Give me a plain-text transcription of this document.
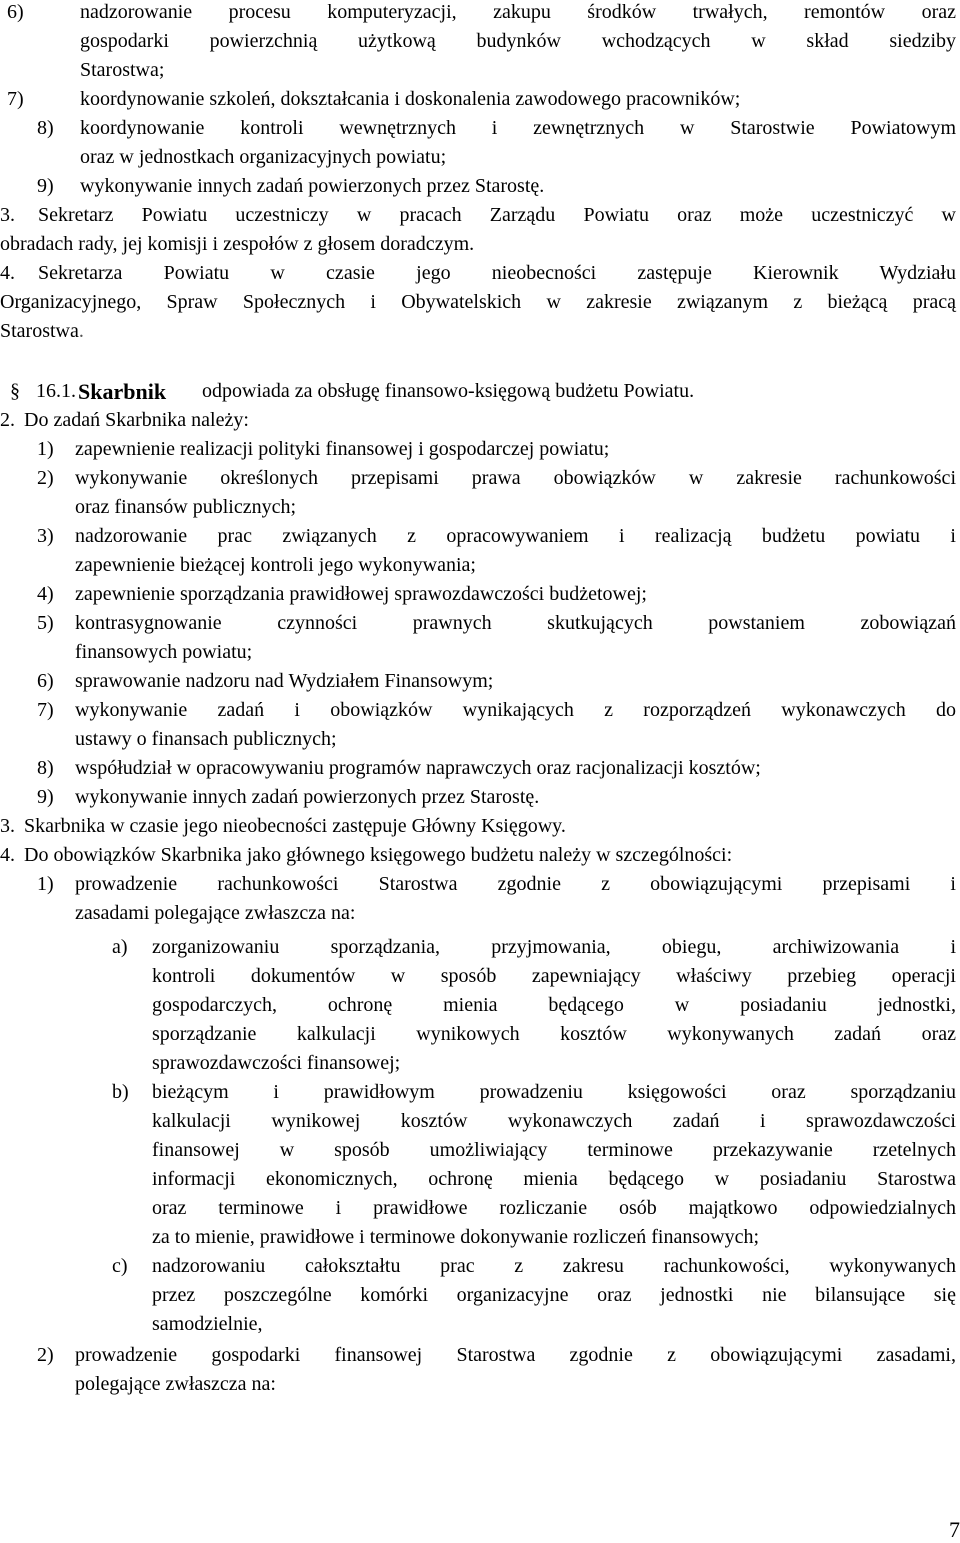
6)	nadzorowanie procesu komputeryzacji, zakupu środków trwałych, remontów oraz
gospodarki powierzchnią użytkową budynków wchodzących w skład siedziby
Starostwa;
7)	koordynowanie szkoleń, dokształcania i doskonalenia zawodowego pracowników;
8)	koordynowanie kontroli wewnętrznych i zewnętrznych w Starostwie Powiatowym
oraz w jednostkach organizacyjnych powiatu;
9)	wykonywanie innych zadań powierzonych przez Starostę.
3.	Sekretarz Powiatu uczestniczy w pracach Zarządu Powiatu oraz może uczestniczyć w
obradach rady, jej komisji i zespołów z głosem doradczym.
4.	Sekretarza Powiatu w czasie jego nieobecności zastępuje Kierownik Wydziału
Organizacyjnego, Spraw Społecznych i Obywatelskich w zakresie związanym z bieżącą pracą
Starostwa.
§ 16.1. Skarbnik odpowiada za obsługę finansowo-księgową budżetu Powiatu.
2. Do zadań Skarbnika należy:
1)	zapewnienie realizacji polityki finansowej i gospodarczej powiatu;
2)	wykonywanie określonych przepisami prawa obowiązków w zakresie rachunkowości
oraz finansów publicznych;
3)	nadzorowanie prac związanych z opracowywaniem i realizacją budżetu powiatu i
zapewnienie bieżącej kontroli jego wykonywania;
4)	zapewnienie sporządzania prawidłowej sprawozdawczości budżetowej;
5)	kontrasygnowanie czynności prawnych skutkujących powstaniem zobowiązań
finansowych powiatu;
6)	sprawowanie nadzoru nad Wydziałem Finansowym;
7)	wykonywanie zadań i obowiązków wynikających z rozporządzeń wykonawczych do
ustawy o finansach publicznych;
8)	współudział w opracowywaniu programów naprawczych oraz racjonalizacji kosztów;
9)	wykonywanie innych zadań powierzonych przez Starostę.
3. Skarbnika w czasie jego nieobecności zastępuje Główny Księgowy.
4. Do obowiązków Skarbnika jako głównego księgowego budżetu należy w szczególności:
1)	prowadzenie rachunkowości Starostwa zgodnie z obowiązującymi przepisami i
zasadami polegające zwłaszcza na:
a)	zorganizowaniu sporządzania, przyjmowania, obiegu, archiwizowania i
kontroli dokumentów w sposób zapewniający właściwy przebieg operacji
gospodarczych, ochronę mienia będącego w posiadaniu jednostki,
sporządzanie kalkulacji wynikowych kosztów wykonywanych zadań oraz
sprawozdawczości finansowej;
b)	bieżącym i prawidłowym prowadzeniu księgowości oraz sporządzaniu
kalkulacji wynikowej kosztów wykonawczych zadań i sprawozdawczości
finansowej w sposób umożliwiający terminowe przekazywanie rzetelnych
informacji ekonomicznych, ochronę mienia będącego w posiadaniu Starostwa
oraz terminowe i prawidłowe rozliczanie osób majątkowo odpowiedzialnych
za to mienie, prawidłowe i terminowe dokonywanie rozliczeń finansowych;
c)	nadzorowaniu całokształtu prac z zakresu rachunkowości, wykonywanych
przez poszczególne komórki organizacyjne oraz jednostki nie bilansujące się
samodzielnie,
2)	prowadzenie gospodarki finansowej Starostwa zgodnie z obowiązującymi zasadami,
polegające zwłaszcza na:
7
